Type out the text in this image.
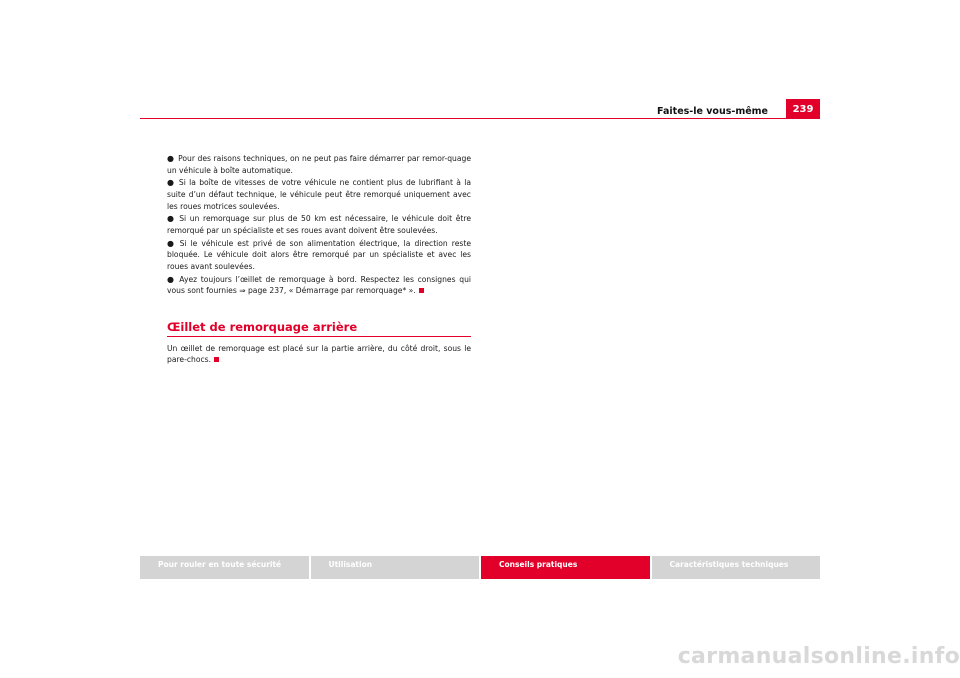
Faites-le vous-même	239

● Pour des raisons techniques, on ne peut pas faire démarrer par remor-quage un véhicule à boîte automatique.

● Si la boîte de vitesses de votre véhicule ne contient plus de lubrifiant à la suite d’un défaut technique, le véhicule peut être remorqué uniquement avec les roues motrices soulevées.

● Si un remorquage sur plus de 50 km est nécessaire, le véhicule doit être remorqué par un spécialiste et ses roues avant doivent être soulevées.

● Si le véhicule est privé de son alimentation électrique, la direction reste bloquée. Le véhicule doit alors être remorqué par un spécialiste et avec les roues avant soulevées.

● Ayez toujours l’œillet de remorquage à bord. Respectez les consignes qui vous sont fournies ⇒ page 237, « Démarrage par remorquage* ».

Œillet de remorquage arrière

Un œillet de remorquage est placé sur la partie arrière, du côté droit, sous le pare-chocs.

Pour rouler en toute sécurité	Utilisation	Conseils pratiques	Caractéristiques techniques
carmanualsonline.info
